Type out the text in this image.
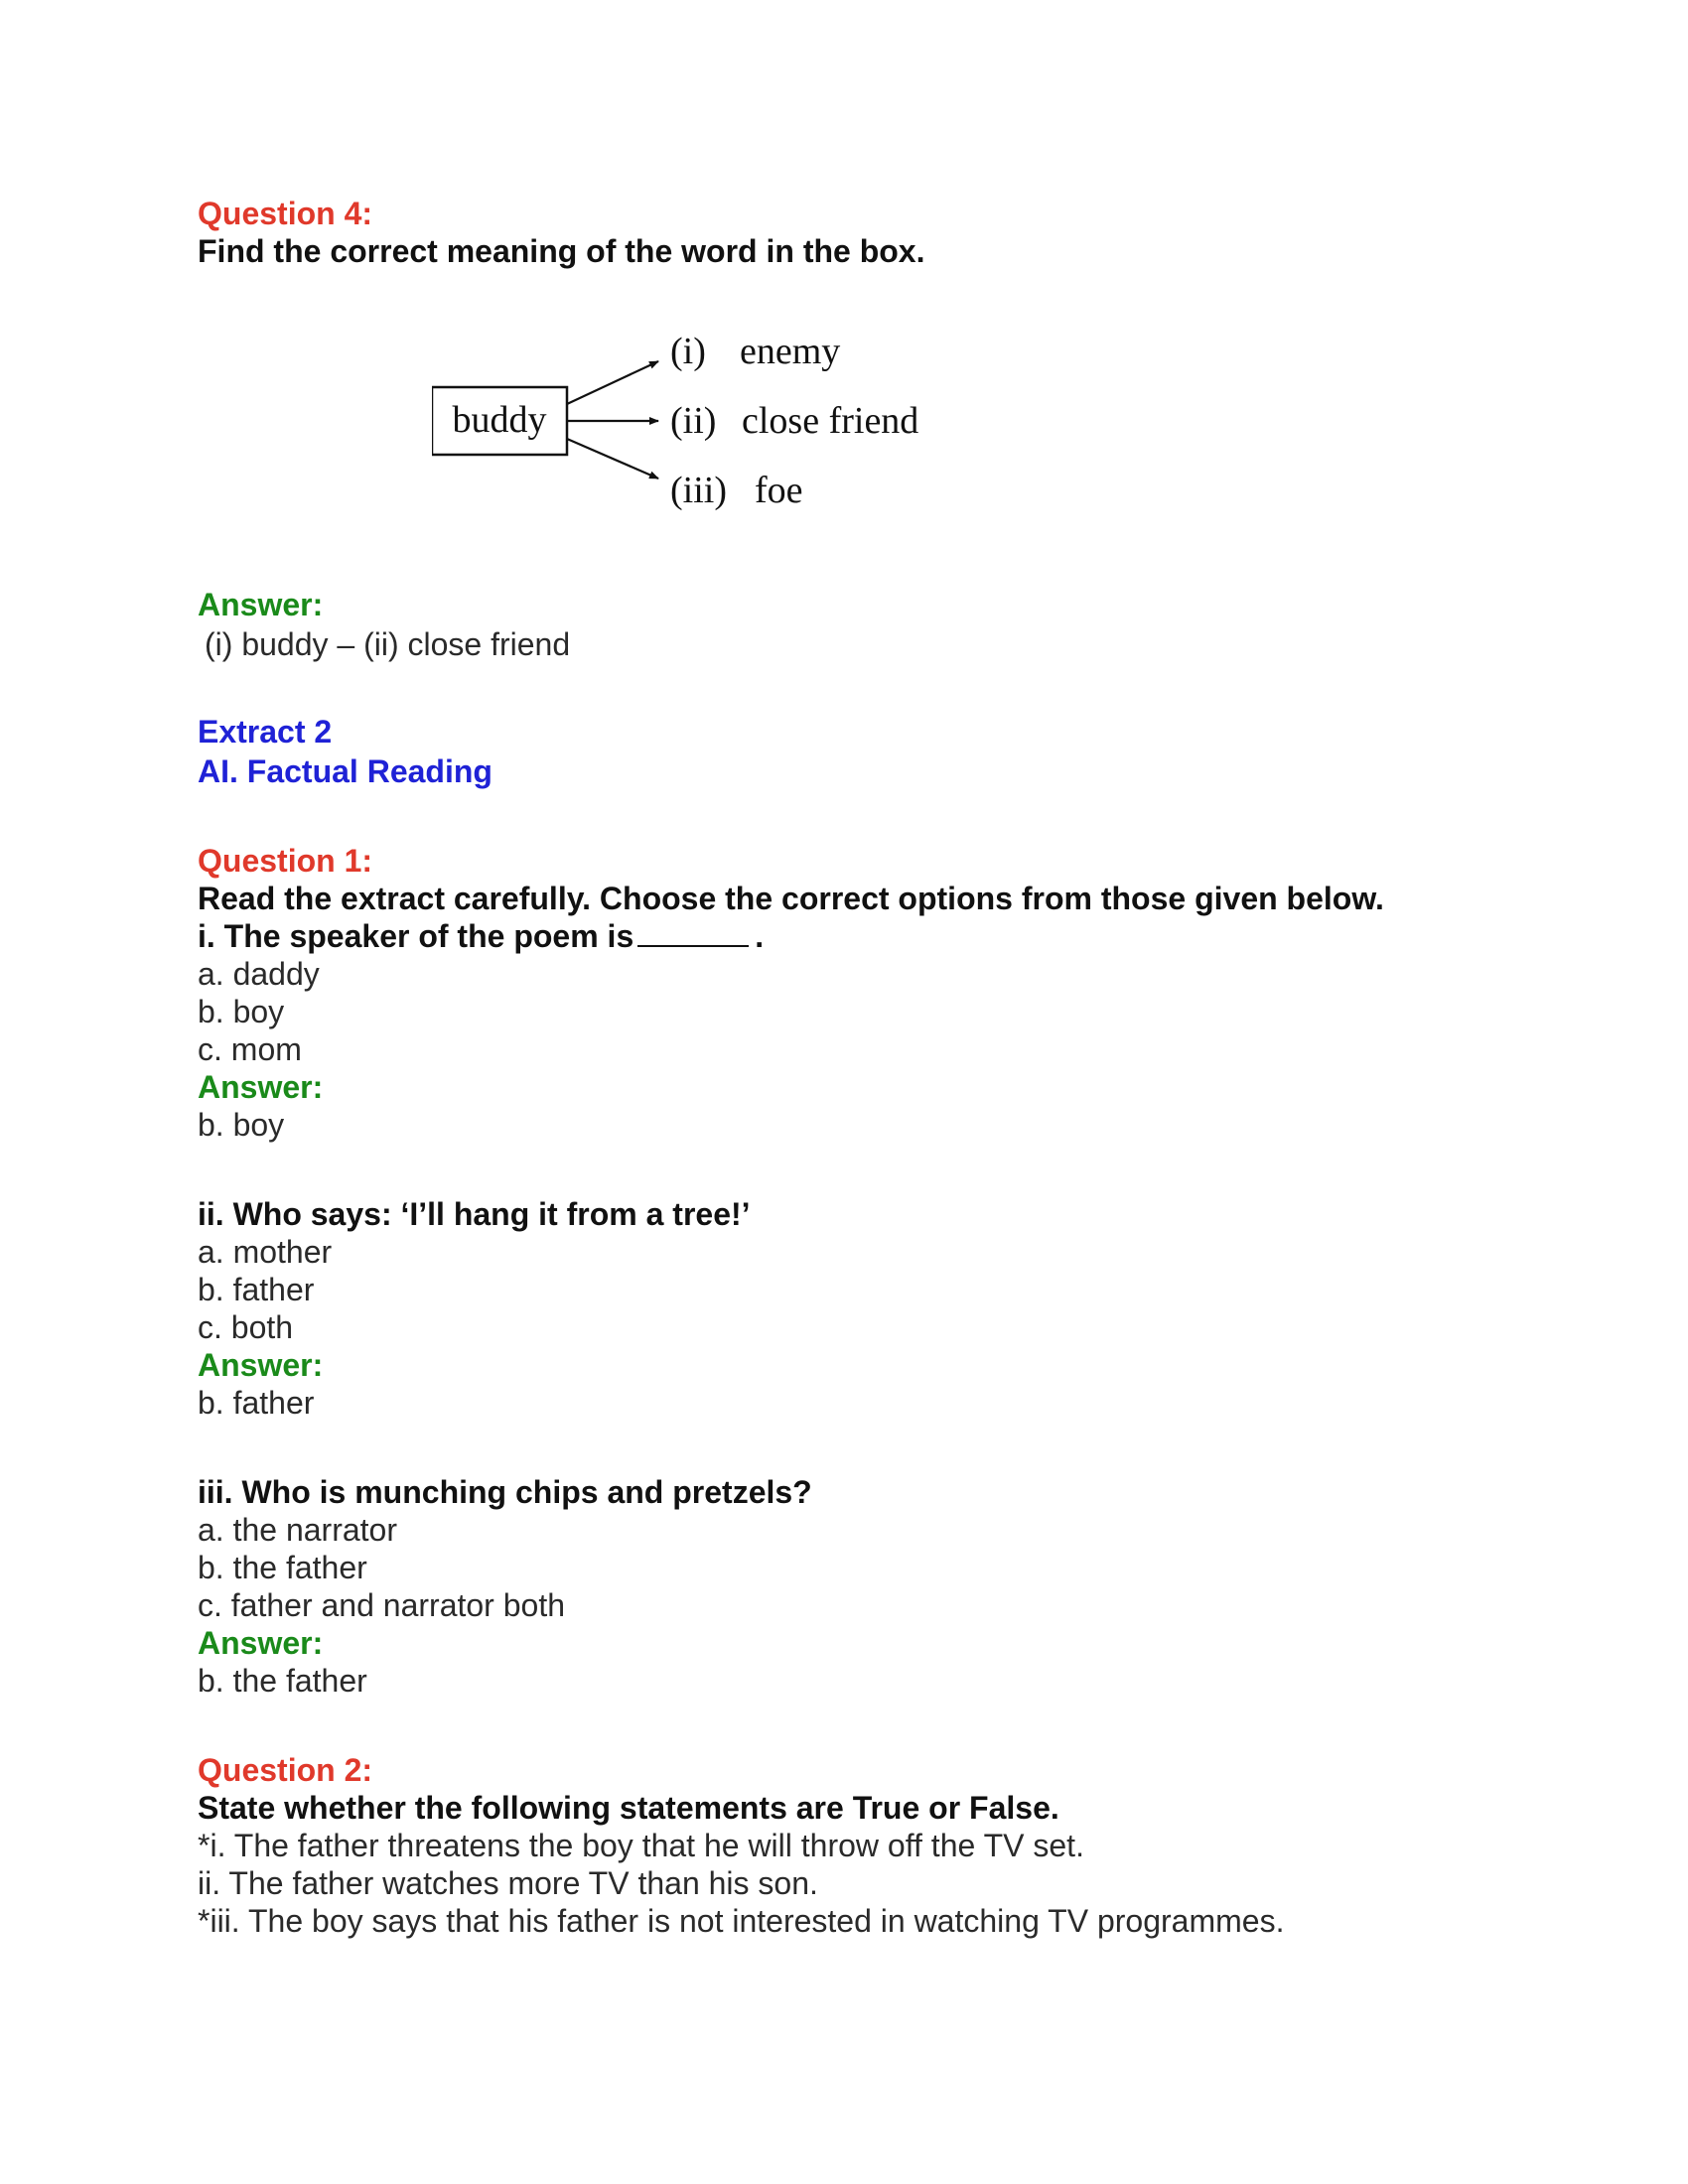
Question 4:
Find the correct meaning of the word in the box.
buddy
(i) enemy
(ii) close friend
(iii) foe
Answer:
(i) buddy – (ii) close friend
Extract 2
AI. Factual Reading
Question 1:
Read the extract carefully. Choose the correct options from those given below.
i. The speaker of the poem is	.
a. daddy
b. boy
c. mom
Answer:
b. boy
ii. Who says: ‘I’ll hang it from a tree!’
a. mother
b. father
c. both
Answer:
b. father
iii. Who is munching chips and pretzels?
a. the narrator
b. the father
c. father and narrator both
Answer:
b. the father
Question 2:
State whether the following statements are True or False.
*i. The father threatens the boy that he will throw off the TV set.
ii. The father watches more TV than his son.
*iii. The boy says that his father is not interested in watching TV programmes.
